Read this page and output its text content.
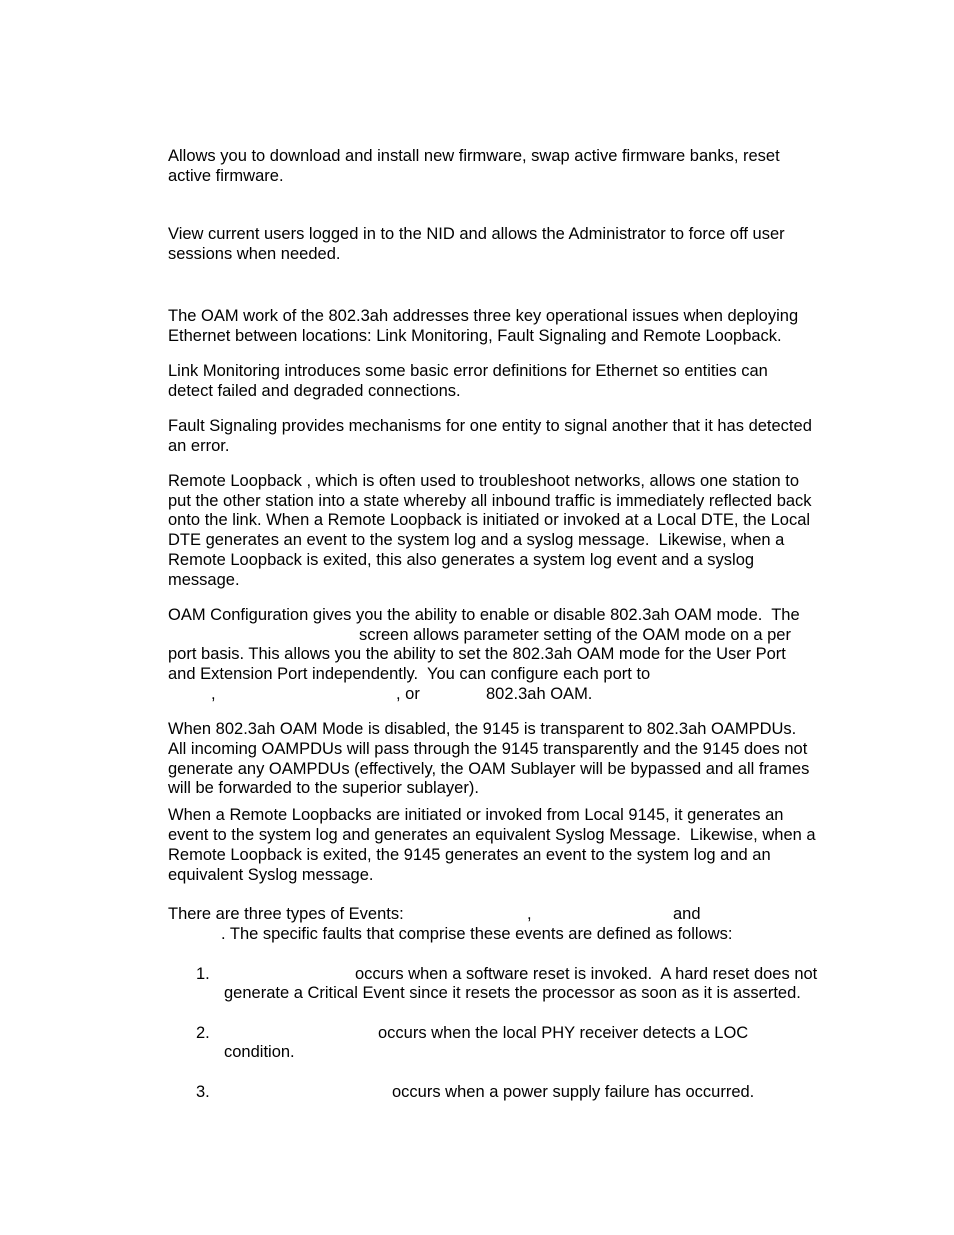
Allows you to download and install new firmware, swap active firmware banks, reset
active firmware.
View current users logged in to the NID and allows the Administrator to force off user
sessions when needed.
The OAM work of the 802.3ah addresses three key operational issues when deploying
Ethernet between locations: Link Monitoring, Fault Signaling and Remote Loopback.
Link Monitoring introduces some basic error definitions for Ethernet so entities can
detect failed and degraded connections.
Fault Signaling provides mechanisms for one entity to signal another that it has detected
an error.
Remote Loopback , which is often used to troubleshoot networks, allows one station to
put the other station into a state whereby all inbound traffic is immediately reflected back
onto the link. When a Remote Loopback is initiated or invoked at a Local DTE, the Local
DTE generates an event to the system log and a syslog message.  Likewise, when a
Remote Loopback is exited, this also generates a system log event and a syslog
message.
OAM Configuration gives you the ability to enable or disable 802.3ah OAM mode.  The
screen allows parameter setting of the OAM mode on a per
port basis. This allows you the ability to set the 802.3ah OAM mode for the User Port
and Extension Port independently.  You can configure each port to
,	, or	802.3ah OAM.
When 802.3ah OAM Mode is disabled, the 9145 is transparent to 802.3ah OAMPDUs.
All incoming OAMPDUs will pass through the 9145 transparently and the 9145 does not
generate any OAMPDUs (effectively, the OAM Sublayer will be bypassed and all frames
will be forwarded to the superior sublayer).
When a Remote Loopbacks are initiated or invoked from Local 9145, it generates an
event to the system log and generates an equivalent Syslog Message.  Likewise, when a
Remote Loopback is exited, the 9145 generates an event to the system log and an
equivalent Syslog message.
There are three types of Events:	,	and
. The specific faults that comprise these events are defined as follows:
1.	occurs when a software reset is invoked.  A hard reset does not
generate a Critical Event since it resets the processor as soon as it is asserted.
2.	occurs when the local PHY receiver detects a LOC
condition.
3.	occurs when a power supply failure has occurred.
